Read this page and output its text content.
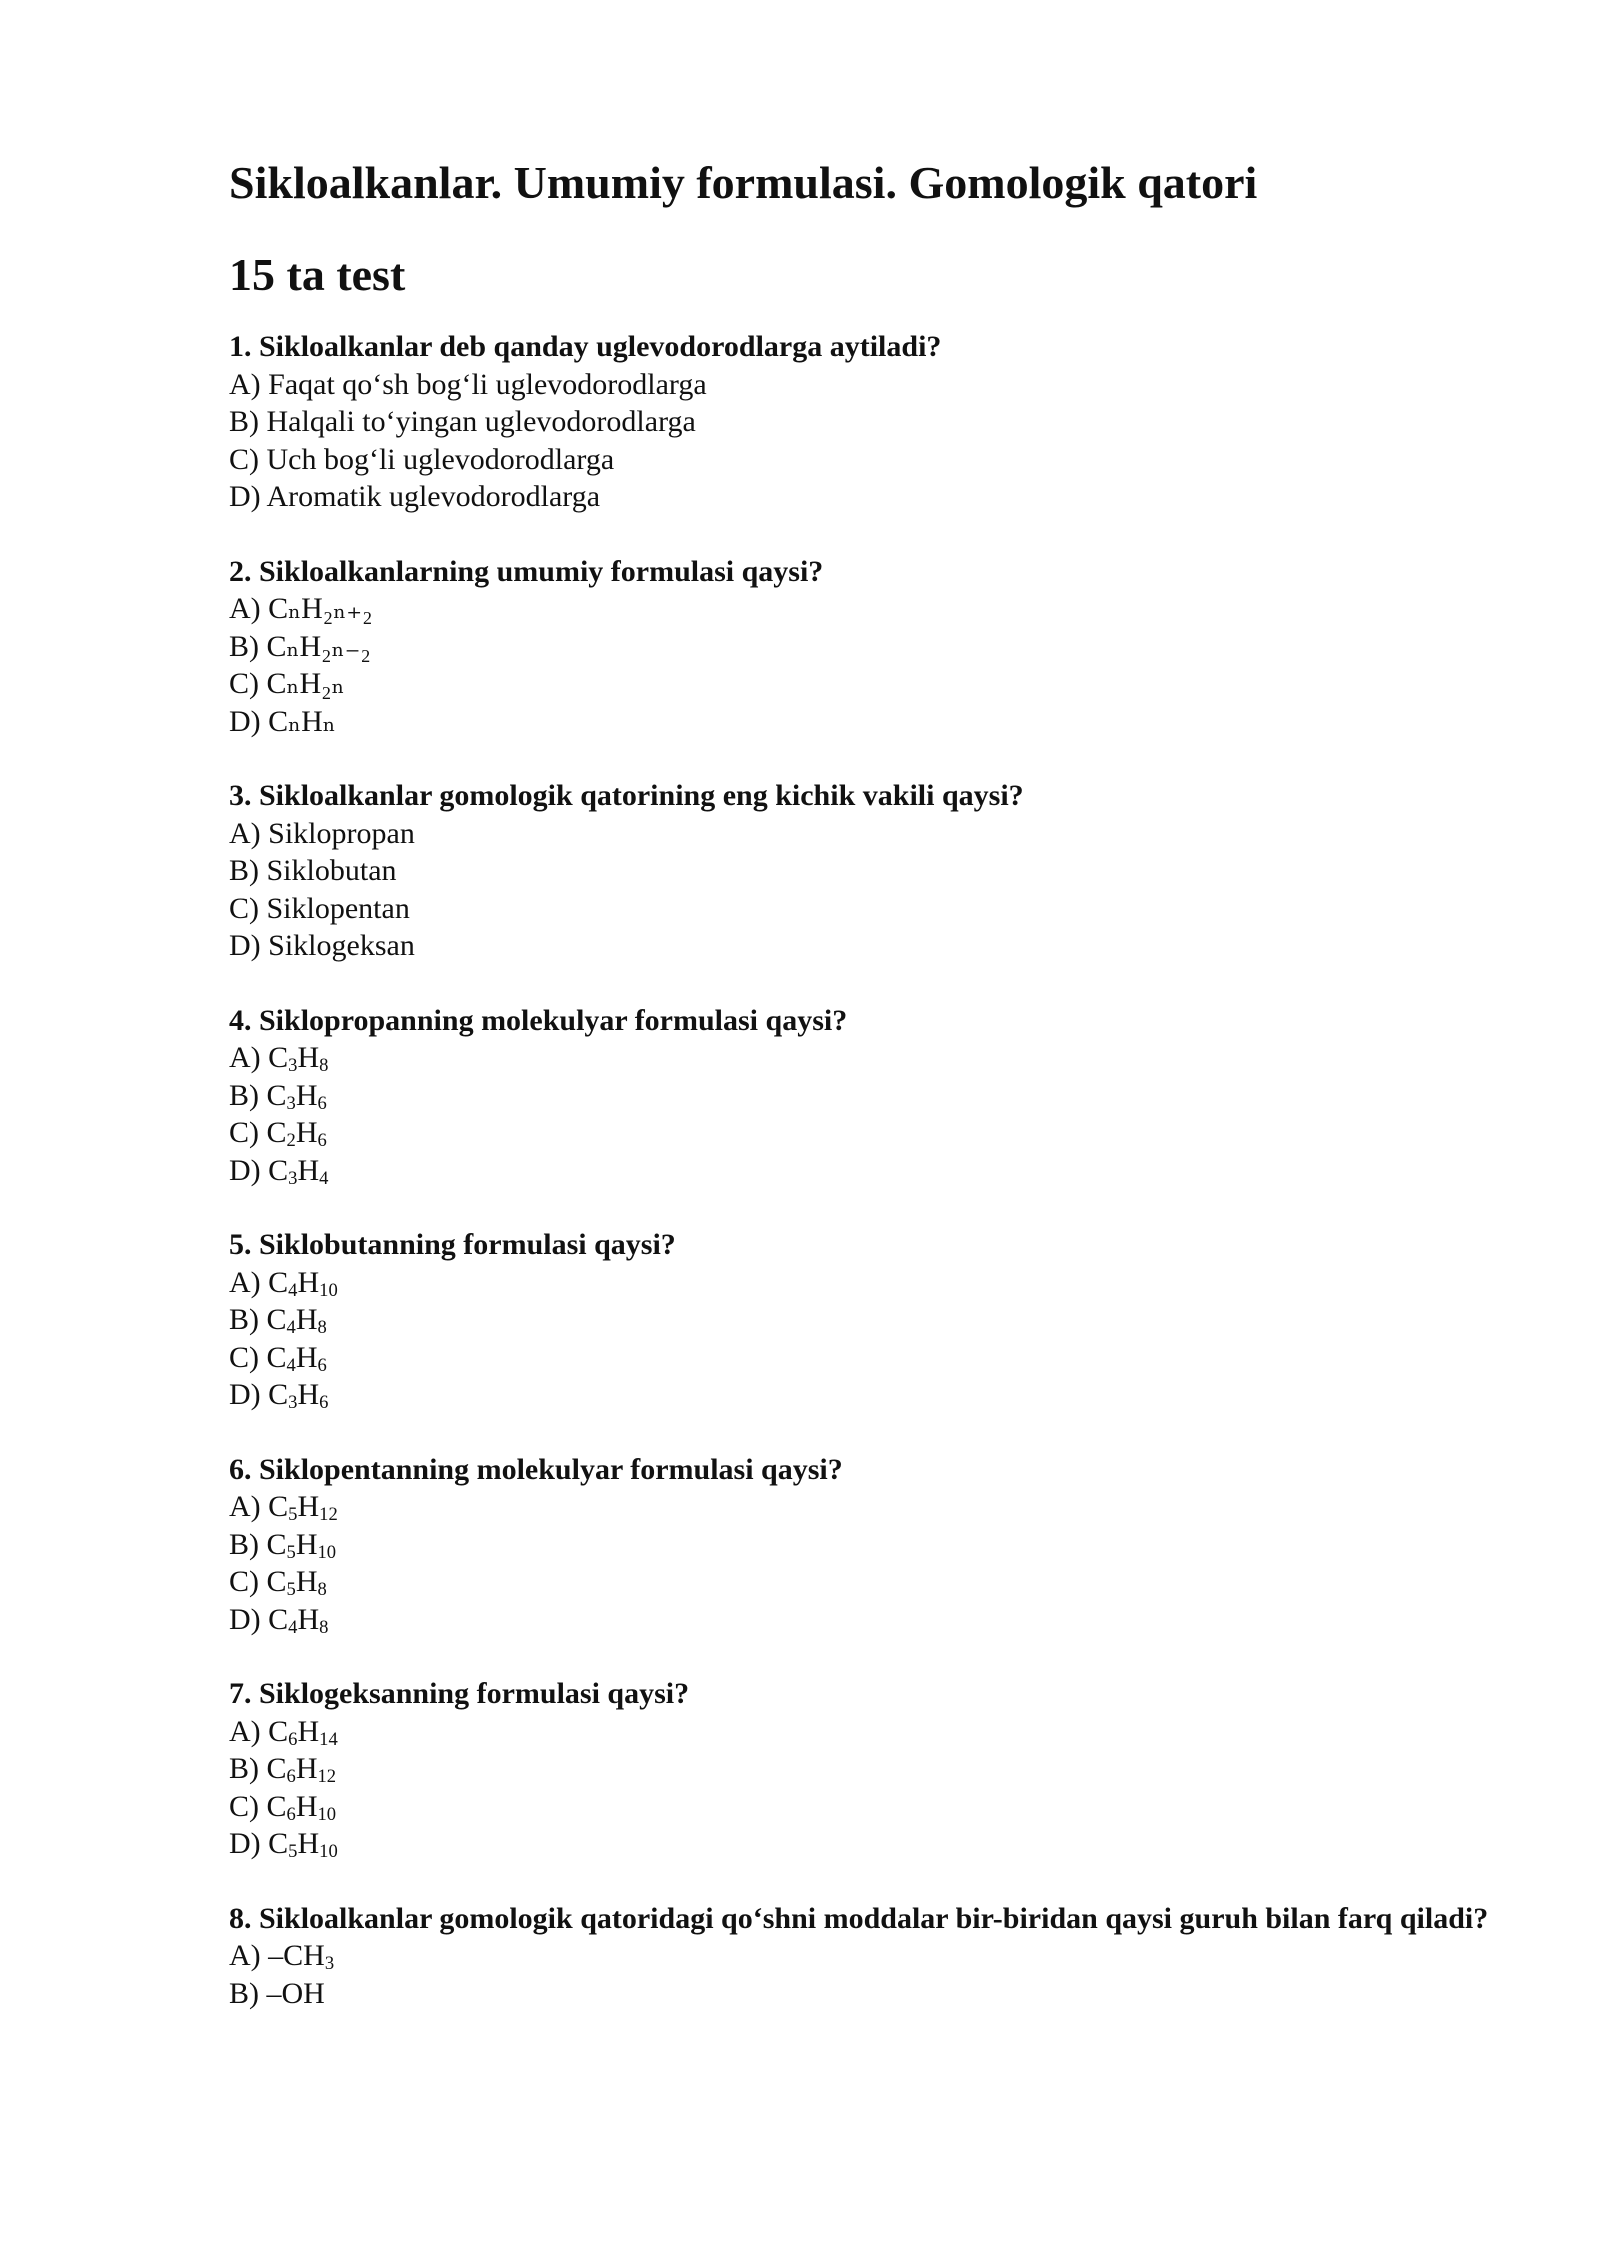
Sikloalkanlar. Umumiy formulasi. Gomologik qatori
15 ta test
1. Sikloalkanlar deb qanday uglevodorodlarga aytiladi?
A) Faqat qo‘sh bog‘li uglevodorodlarga
B) Halqali to‘yingan uglevodorodlarga
C) Uch bog‘li uglevodorodlarga
D) Aromatik uglevodorodlarga
2. Sikloalkanlarning umumiy formulasi qaysi?
A) CₙH₂ₙ₊₂
B) CₙH₂ₙ₋₂
C) CₙH₂ₙ
D) CₙHₙ
3. Sikloalkanlar gomologik qatorining eng kichik vakili qaysi?
A) Siklopropan
B) Siklobutan
C) Siklopentan
D) Siklogeksan
4. Siklopropanning molekulyar formulasi qaysi?
A) $C_3H_8$
B) $C_3H_6$
C) $C_2H_6$
D) $C_3H_4$
5. Siklobutanning formulasi qaysi?
A) $C_4H_{10}$
B) $C_4H_8$
C) $C_4H_6$
D) $C_3H_6$
6. Siklopentanning molekulyar formulasi qaysi?
A) $C_5H_{12}$
B) $C_5H_{10}$
C) $C_5H_8$
D) $C_4H_8$
7. Siklogeksanning formulasi qaysi?
A) $C_6H_{14}$
B) $C_6H_{12}$
C) $C_6H_{10}$
D) $C_5H_{10}$
8. Sikloalkanlar gomologik qatoridagi qo‘shni moddalar bir-biridan qaysi guruh bilan farq qiladi?
A) $-CH_3$
B) –OH
